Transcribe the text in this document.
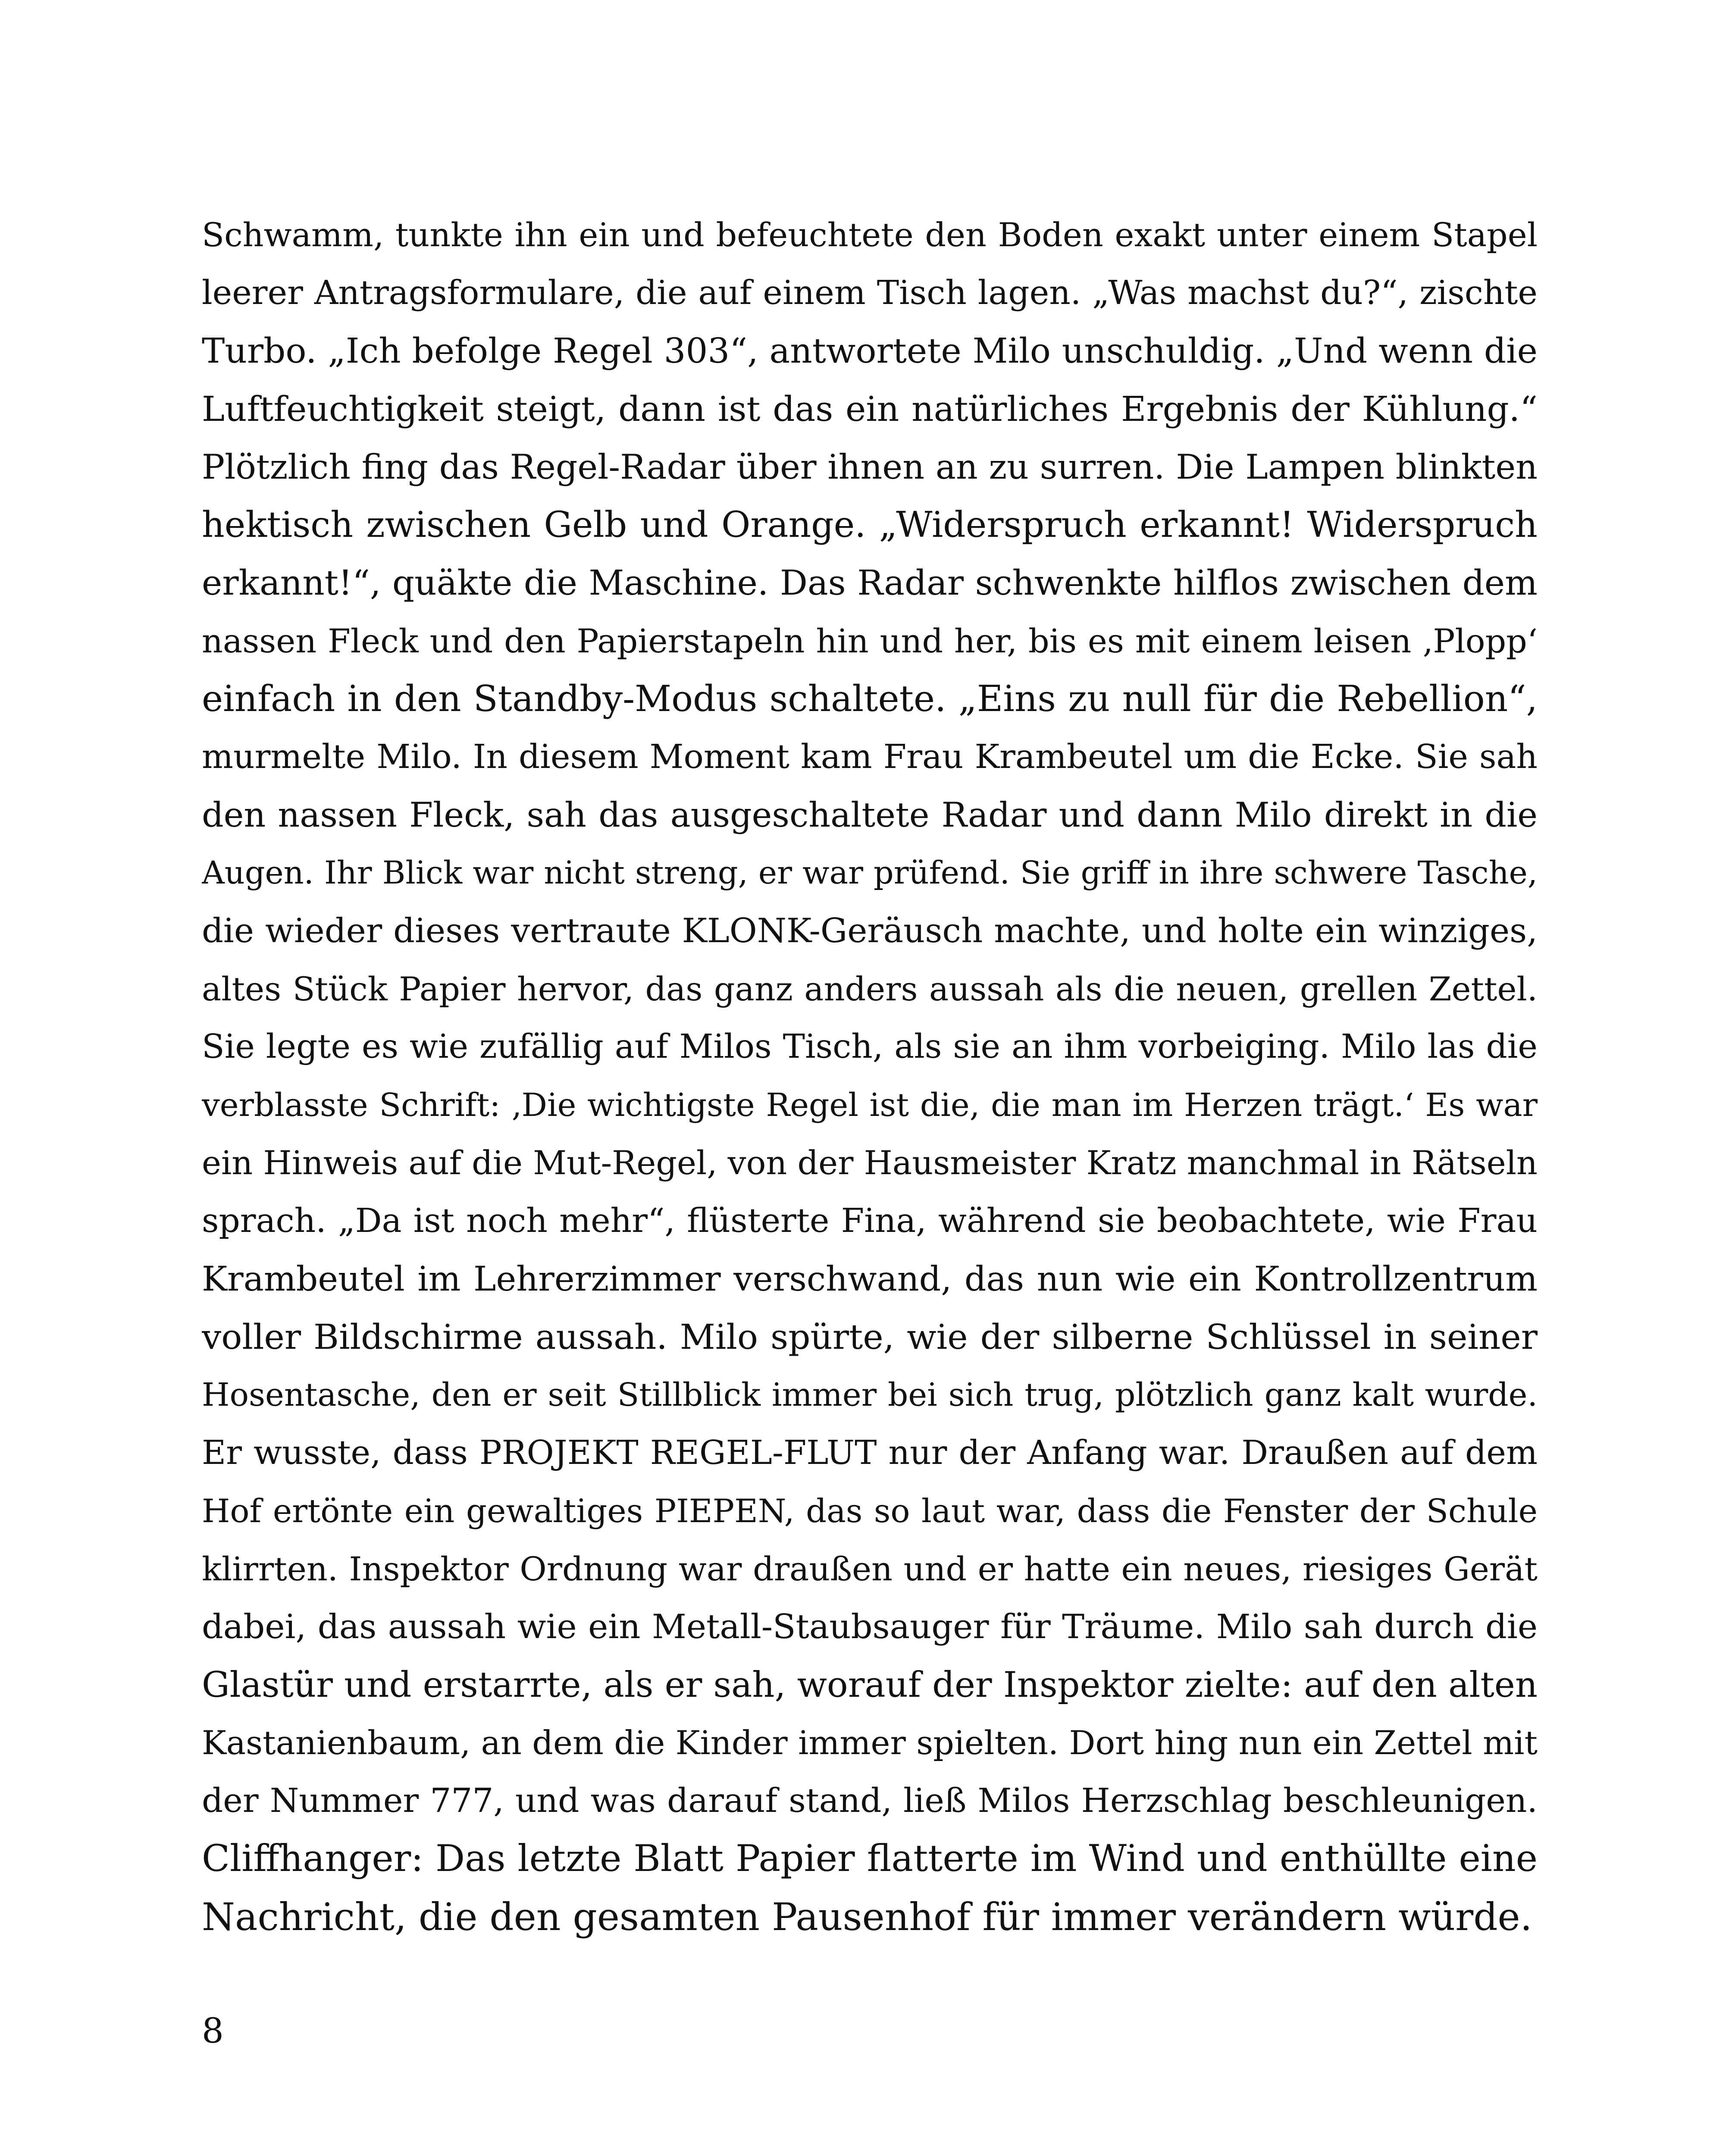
Schwamm, tunkte ihn ein und befeuchtete den Boden exakt unter einem Stapel
leerer Antragsformulare, die auf einem Tisch lagen. „Was machst du?“, zischte
Turbo. „Ich befolge Regel 303“, antwortete Milo unschuldig. „Und wenn die
Luftfeuchtigkeit steigt, dann ist das ein natürliches Ergebnis der Kühlung.“
Plötzlich fing das Regel-Radar über ihnen an zu surren. Die Lampen blinkten
hektisch zwischen Gelb und Orange. „Widerspruch erkannt! Widerspruch
erkannt!“, quäkte die Maschine. Das Radar schwenkte hilflos zwischen dem
nassen Fleck und den Papierstapeln hin und her, bis es mit einem leisen ‚Plopp‘
einfach in den Standby-Modus schaltete. „Eins zu null für die Rebellion“,
murmelte Milo. In diesem Moment kam Frau Krambeutel um die Ecke. Sie sah
den nassen Fleck, sah das ausgeschaltete Radar und dann Milo direkt in die
Augen. Ihr Blick war nicht streng, er war prüfend. Sie griff in ihre schwere Tasche,
die wieder dieses vertraute KLONK-Geräusch machte, und holte ein winziges,
altes Stück Papier hervor, das ganz anders aussah als die neuen, grellen Zettel.
Sie legte es wie zufällig auf Milos Tisch, als sie an ihm vorbeiging. Milo las die
verblasste Schrift: ‚Die wichtigste Regel ist die, die man im Herzen trägt.‘ Es war
ein Hinweis auf die Mut-Regel, von der Hausmeister Kratz manchmal in Rätseln
sprach. „Da ist noch mehr“, flüsterte Fina, während sie beobachtete, wie Frau
Krambeutel im Lehrerzimmer verschwand, das nun wie ein Kontrollzentrum
voller Bildschirme aussah. Milo spürte, wie der silberne Schlüssel in seiner
Hosentasche, den er seit Stillblick immer bei sich trug, plötzlich ganz kalt wurde.
Er wusste, dass PROJEKT REGEL-FLUT nur der Anfang war. Draußen auf dem
Hof ertönte ein gewaltiges PIEPEN, das so laut war, dass die Fenster der Schule
klirrten. Inspektor Ordnung war draußen und er hatte ein neues, riesiges Gerät
dabei, das aussah wie ein Metall-Staubsauger für Träume. Milo sah durch die
Glastür und erstarrte, als er sah, worauf der Inspektor zielte: auf den alten
Kastanienbaum, an dem die Kinder immer spielten. Dort hing nun ein Zettel mit
der Nummer 777, und was darauf stand, ließ Milos Herzschlag beschleunigen.
Cliffhanger: Das letzte Blatt Papier flatterte im Wind und enthüllte eine
Nachricht, die den gesamten Pausenhof für immer verändern würde.
8
